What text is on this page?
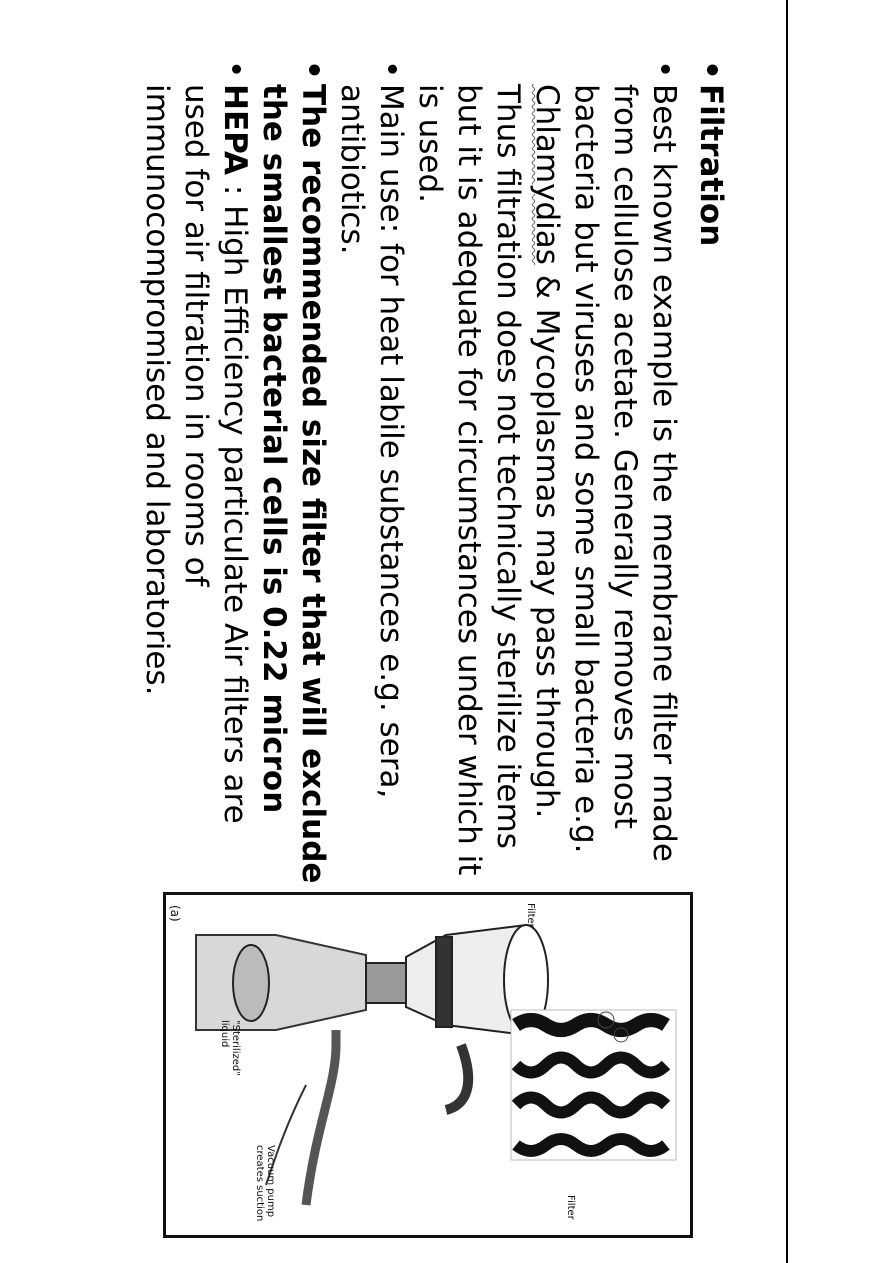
• Filtration
• Best known example is the membrane filter made from cellulose acetate. Generally removes most bacteria but viruses and some small bacteria e.g. Chlamydias & Mycoplasmas may pass through. Thus filtration does not technically sterilize items but it is adequate for circumstances under which it is used.
• Main use: for heat labile substances e.g. sera, antibiotics.
• The recommended size filter that will exclude the smallest bacterial cells is 0.22 micron
• HEPA : High Efficiency particulate Air filters are used for air filtration in rooms of immunocompromised and laboratories.
(a)	Filter
Filter
Vacuum pump creates suction
"Sterilized" liquid
